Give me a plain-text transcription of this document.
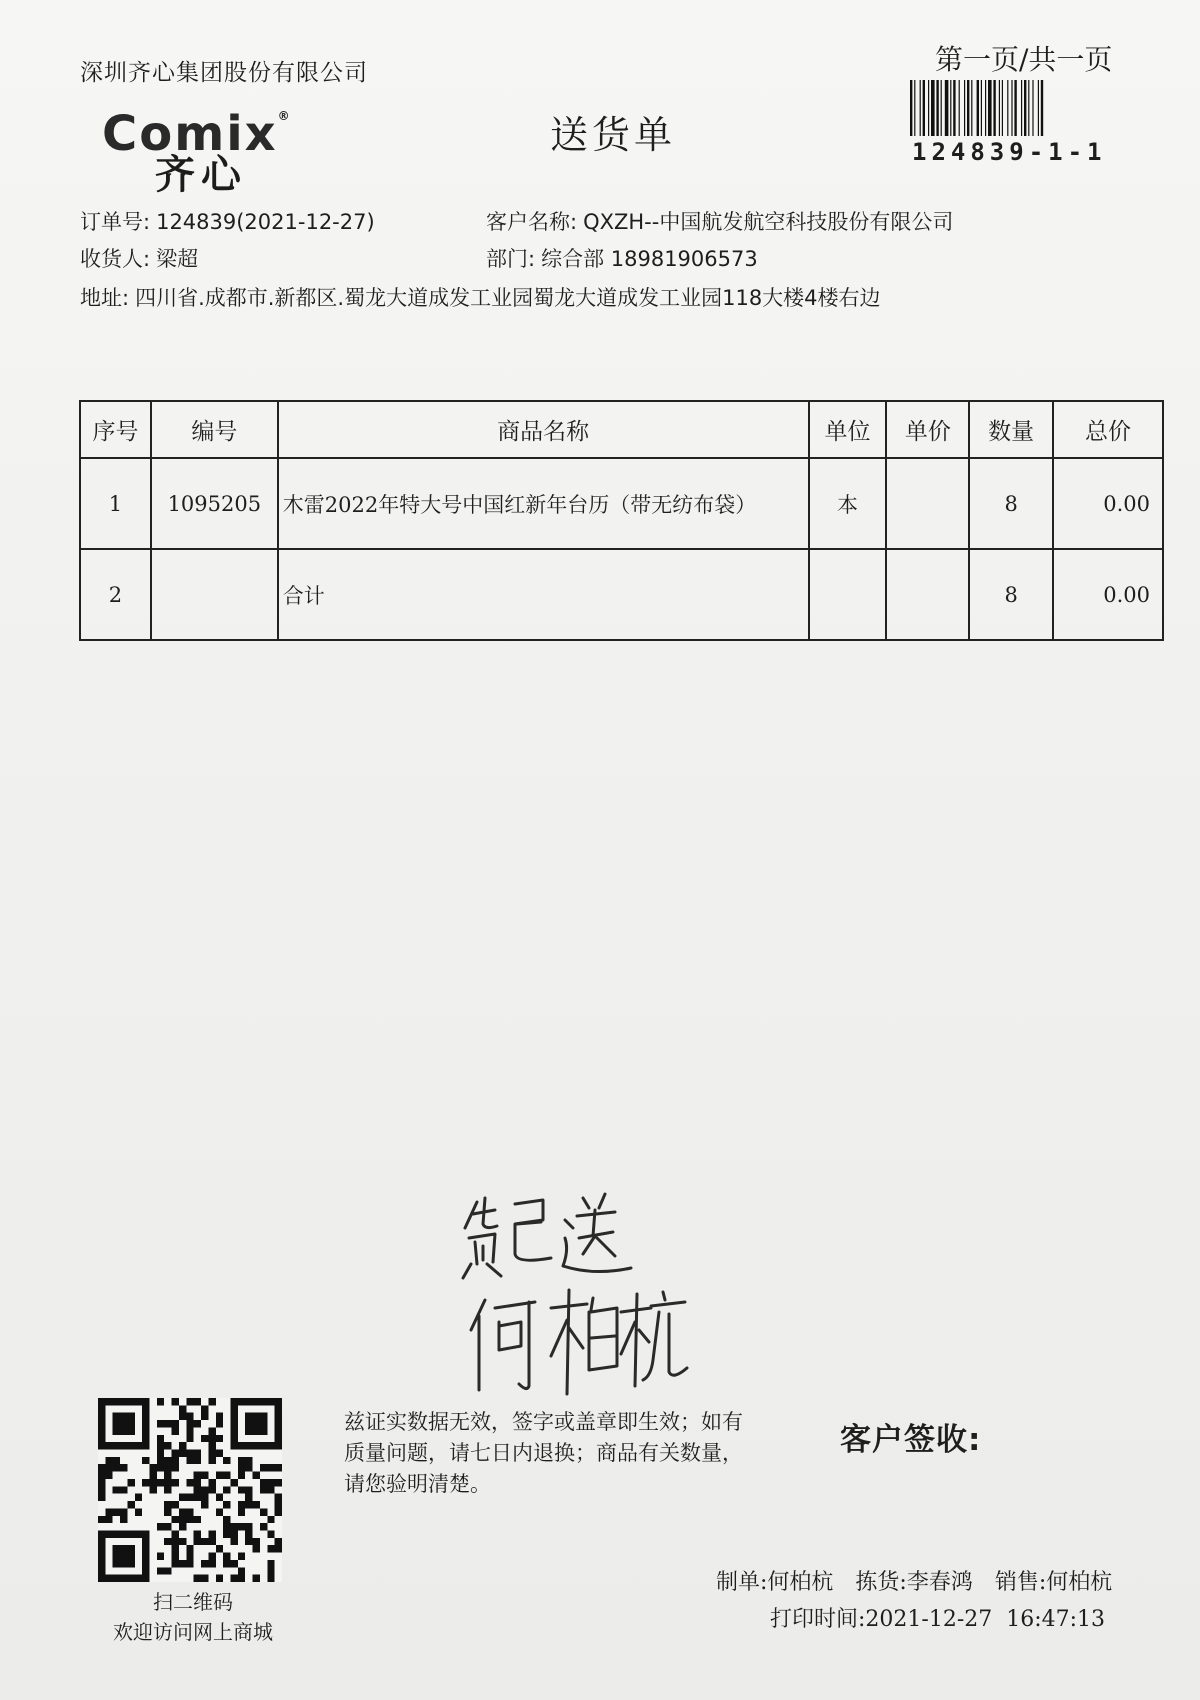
深圳齐心集团股份有限公司
Comix®
齐心
送货单
第一页/共一页
124839-1-1
订单号: 124839(2021-12-27)	客户名称: QXZH--中国航发航空科技股份有限公司
收货人: 梁超	部门: 综合部 18981906573
地址: 四川省.成都市.新都区.蜀龙大道成发工业园蜀龙大道成发工业园118大楼4楼右边
序号	编号	商品名称	单位	单价	数量	总价
1	1095205	木雷2022年特大号中国红新年台历（带无纺布袋）	本		8	0.00
2		合计			8	0.00
扫二维码
欢迎访问网上商城
兹证实数据无效，签字或盖章即生效；如有质量问题，请七日内退换；商品有关数量，请您验明清楚。
客户签收:
制单:何柏杭 拣货:李春鸿 销售:何柏杭
打印时间:2021-12-27  16:47:13
